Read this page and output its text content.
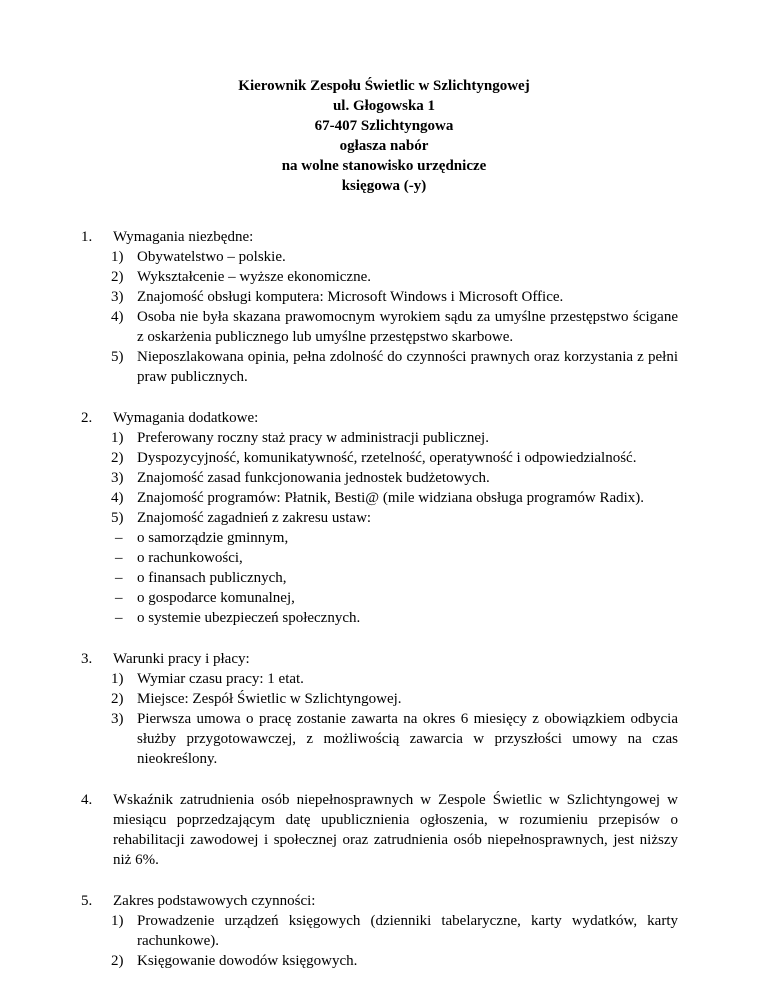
Kierownik Zespołu Świetlic w Szlichtyngowej
ul. Głogowska 1
67-407 Szlichtyngowa
ogłasza nabór
na wolne stanowisko urzędnicze
księgowa (-y)
1. Wymagania niezbędne:
1) Obywatelstwo – polskie.
2) Wykształcenie – wyższe ekonomiczne.
3) Znajomość obsługi komputera: Microsoft Windows i Microsoft Office.
4) Osoba nie była skazana prawomocnym wyrokiem sądu za umyślne przestępstwo ścigane z oskarżenia publicznego lub umyślne przestępstwo skarbowe.
5) Nieposzlakowana opinia, pełna zdolność do czynności prawnych oraz korzystania z pełni praw publicznych.
2. Wymagania dodatkowe:
1) Preferowany roczny staż pracy w administracji publicznej.
2) Dyspozycyjność, komunikatywność, rzetelność, operatywność i odpowiedzialność.
3) Znajomość zasad funkcjonowania jednostek budżetowych.
4) Znajomość programów: Płatnik, Besti@ (mile widziana obsługa programów Radix).
5) Znajomość zagadnień z zakresu ustaw:
– o samorządzie gminnym,
– o rachunkowości,
– o finansach publicznych,
– o gospodarce komunalnej,
– o systemie ubezpieczeń społecznych.
3. Warunki pracy i płacy:
1) Wymiar czasu pracy: 1 etat.
2) Miejsce: Zespół Świetlic w Szlichtyngowej.
3) Pierwsza umowa o pracę zostanie zawarta na okres 6 miesięcy z obowiązkiem odbycia służby przygotowawczej, z możliwością zawarcia w przyszłości umowy na czas nieokreślony.
4. Wskaźnik zatrudnienia osób niepełnosprawnych w Zespole Świetlic w Szlichtyngowej w miesiącu poprzedzającym datę upublicznienia ogłoszenia, w rozumieniu przepisów o rehabilitacji zawodowej i społecznej oraz zatrudnienia osób niepełnosprawnych, jest niższy niż 6%.
5. Zakres podstawowych czynności:
1) Prowadzenie urządzeń księgowych (dzienniki tabelaryczne, karty wydatków, karty rachunkowe).
2) Księgowanie dowodów księgowych.
